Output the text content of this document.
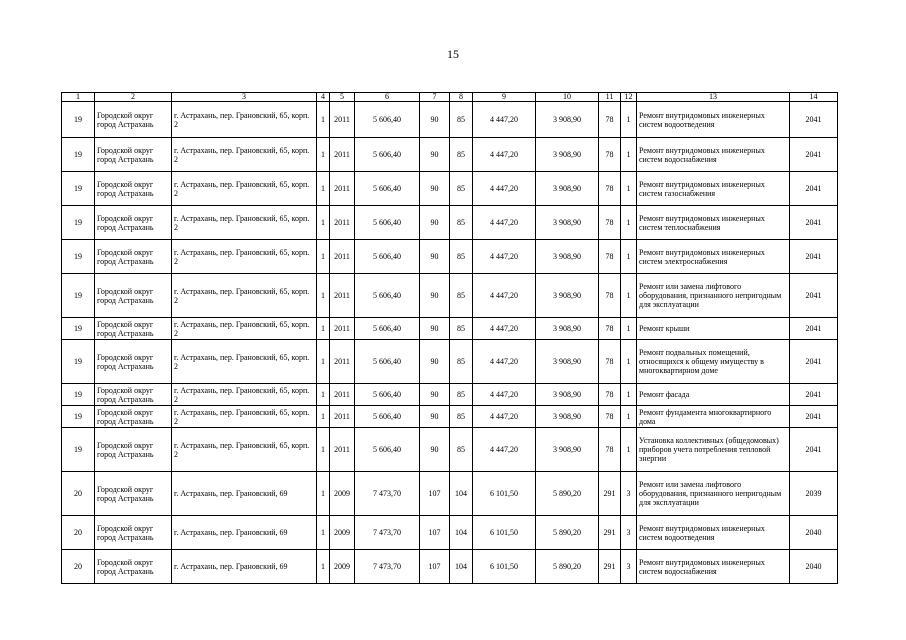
15
1	2	3	4	5	6	7	8	9	10	11	12	13	14
19	Городской округ город Астрахань	г. Астрахань, пер. Грановский, 65, корп. 2	1	2011	5 606,40	90	85	4 447,20	3 908,90	78	1	Ремонт внутридомовых инженерных систем водоотведения	2041
19	Городской округ город Астрахань	г. Астрахань, пер. Грановский, 65, корп. 2	1	2011	5 606,40	90	85	4 447,20	3 908,90	78	1	Ремонт внутридомовых инженерных систем водоснабжения	2041
19	Городской округ город Астрахань	г. Астрахань, пер. Грановский, 65, корп. 2	1	2011	5 606,40	90	85	4 447,20	3 908,90	78	1	Ремонт внутридомовых инженерных систем газоснабжения	2041
19	Городской округ город Астрахань	г. Астрахань, пер. Грановский, 65, корп. 2	1	2011	5 606,40	90	85	4 447,20	3 908,90	78	1	Ремонт внутридомовых инженерных систем теплоснабжения	2041
19	Городской округ город Астрахань	г. Астрахань, пер. Грановский, 65, корп. 2	1	2011	5 606,40	90	85	4 447,20	3 908,90	78	1	Ремонт внутридомовых инженерных систем электроснабжения	2041
19	Городской округ город Астрахань	г. Астрахань, пер. Грановский, 65, корп. 2	1	2011	5 606,40	90	85	4 447,20	3 908,90	78	1	Ремонт или замена лифтового оборудования, признанного непригодным для эксплуатации	2041
19	Городской округ город Астрахань	г. Астрахань, пер. Грановский, 65, корп. 2	1	2011	5 606,40	90	85	4 447,20	3 908,90	78	1	Ремонт крыши	2041
19	Городской округ город Астрахань	г. Астрахань, пер. Грановский, 65, корп. 2	1	2011	5 606,40	90	85	4 447,20	3 908,90	78	1	Ремонт подвальных помещений, относящихся к общему имуществу в многоквартирном доме	2041
19	Городской округ город Астрахань	г. Астрахань, пер. Грановский, 65, корп. 2	1	2011	5 606,40	90	85	4 447,20	3 908,90	78	1	Ремонт фасада	2041
19	Городской округ город Астрахань	г. Астрахань, пер. Грановский, 65, корп. 2	1	2011	5 606,40	90	85	4 447,20	3 908,90	78	1	Ремонт фундамента многоквартирного дома	2041
19	Городской округ город Астрахань	г. Астрахань, пер. Грановский, 65, корп. 2	1	2011	5 606,40	90	85	4 447,20	3 908,90	78	1	Установка коллективных (общедомовых) приборов учета потребления тепловой энергии	2041
20	Городской округ город Астрахань	г. Астрахань, пер. Грановский, 69	1	2009	7 473,70	107	104	6 101,50	5 890,20	291	3	Ремонт или замена лифтового оборудования, признанного непригодным для эксплуатации	2039
20	Городской округ город Астрахань	г. Астрахань, пер. Грановский, 69	1	2009	7 473,70	107	104	6 101,50	5 890,20	291	3	Ремонт внутридомовых инженерных систем водоотведения	2040
20	Городской округ город Астрахань	г. Астрахань, пер. Грановский, 69	1	2009	7 473,70	107	104	6 101,50	5 890,20	291	3	Ремонт внутридомовых инженерных систем водоснабжения	2040
